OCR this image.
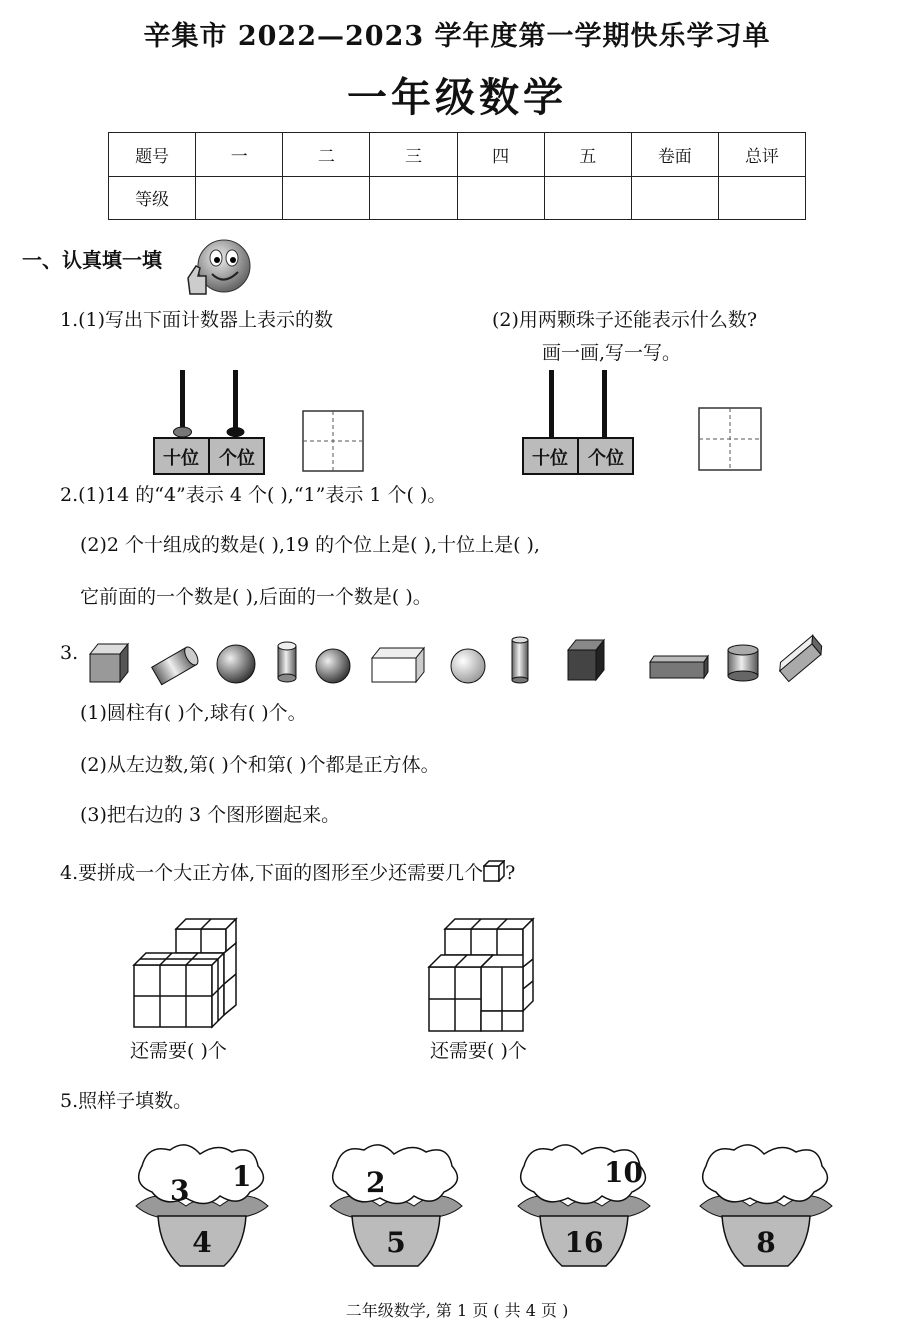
辛集市 2022—2023 学年度第一学期快乐学习单
一年级数学
题号	一	二	三	四	五	卷面	总评
等级							
一、认真填一填
1.(1)写出下面计数器上表示的数	(2)用两颗珠子还能表示什么数?
画一画,写一写。
十位	个位	十位	个位
2.(1)14 的“4”表示 4 个( ),“1”表示 1 个( )。
(2)2 个十组成的数是( ),19 的个位上是( ),十位上是( ),
它前面的一个数是( ),后面的一个数是( )。
3.
(1)圆柱有( )个,球有( )个。
(2)从左边数,第( )个和第( )个都是正方体。
(3)把右边的 3 个图形圈起来。
4.要拼成一个大正方体,下面的图形至少还需要几个 ?
还需要( )个	还需要( )个
5.照样子填数。
3 1
4
2
5
10
16	8
二年级数学, 第 1 页 ( 共 4 页 )
